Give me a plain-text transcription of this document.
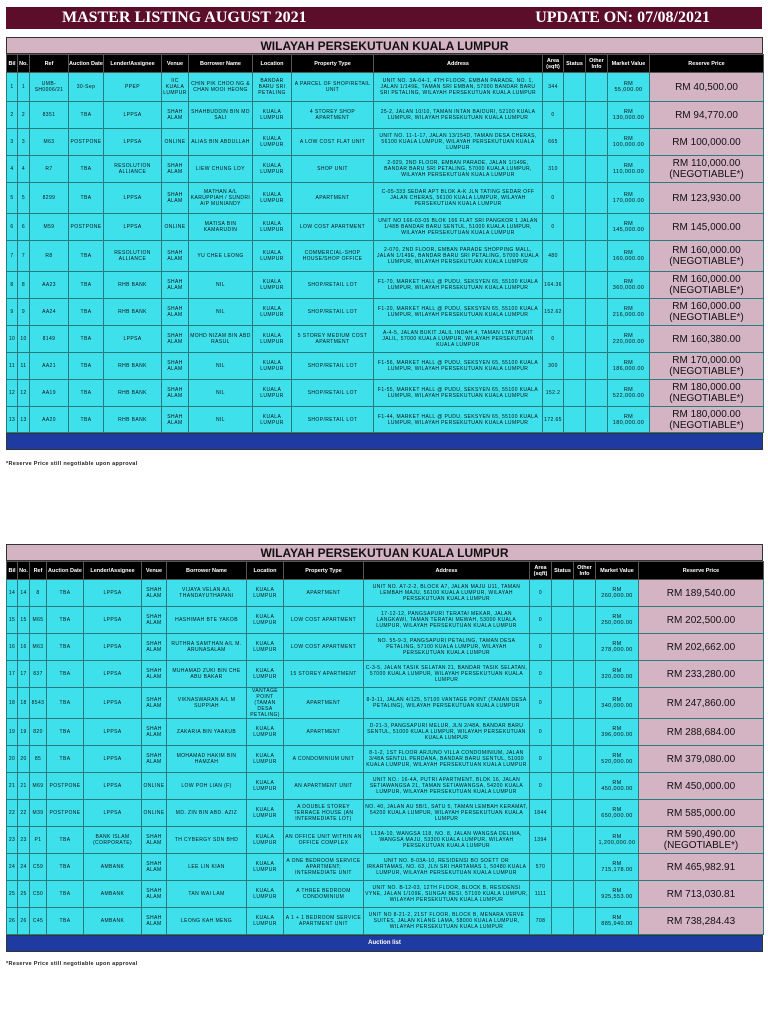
MASTER LISTING AUGUST 2021	UPDATE ON: 07/08/2021
WILAYAH PERSEKUTUAN KUALA LUMPUR
Bil	No.	Ref	Auction Date	Lender/Assignee	Venue	Borrower Name	Location	Property Type	Address	Area (sqft)	Status	Other Info	Market Value	Reserve Price
1	1	UMB-SH0006/21	30-Sep	PPEP	IIC KUALA LUMPUR	CHIN PIK CHOO NG & CHAN MOOI HEONG	BANDAR BARU SRI PETALING	A PARCEL OF SHOP/RETAIL UNIT	UNIT NO. 3A-04-1, 4TH FLOOR, EMBAN PARADE, NO. 1, JALAN 1/149E, TAMAN SRI EMBAN, 57000 BANDAR BARU SRI PETALING, WILAYAH PERSEKUTUAN KUALA LUMPUR	344			RM 55,000.00	RM 40,500.00
2	2	8351	TBA	LPPSA	SHAH ALAM	SHAHBUDDIN BIN MD SALI	KUALA LUMPUR	4 STOREY SHOP APARTMENT	25-2, JALAN 10/10, TAMAN INTAN BAIDURI, 52100 KUALA LUMPUR, WILAYAH PERSEKUTUAN KUALA LUMPUR	0			RM 130,000.00	RM 94,770.00
3	3	M63	POSTPONE	LPPSA	ONLINE	ALIAS BIN ABDULLAH	KUALA LUMPUR	A LOW COST FLAT UNIT	UNIT NO. 11-1-17, JALAN 13/154D, TAMAN DESA CHERAS, 56100 KUALA LUMPUR, WILAYAH PERSEKUTUAN KUALA LUMPUR	665			RM 100,000.00	RM 100,000.00
4	4	R7	TBA	RESOLUTION ALLIANCE	SHAH ALAM	LIEW CHUNG LOY	KUALA LUMPUR	SHOP UNIT	2-029, 2ND FLOOR, EMBAN PARADE, JALAN 1/149E, BANDAR BARU SRI PETALING, 57000 KUALA LUMPUR, WILAYAH PERSEKUTUAN KUALA LUMPUR	310			RM 110,000.00	RM 110,000.00 (NEGOTIABLE*)
5	5	8299	TBA	LPPSA	SHAH ALAM	MATHAN A/L KARUPPIAH / SUNDRI A/P MUNIANDY	KUALA LUMPUR	APARTMENT	C-05-333 SEDAR APT BLOK A-K JLN TATING SEDAR OFF JALAN CHERAS, 56100 KUALA LUMPUR, WILAYAH PERSEKUTUAN KUALA LUMPUR	0			RM 170,000.00	RM 123,930.00
6	6	M59	POSTPONE	LPPSA	ONLINE	MATISA BIN KAMARUDIN	KUALA LUMPUR	LOW COST APARTMENT	UNIT NO 166-03-05 BLOK 166 FLAT SRI PANGKOR 1 JALAN 1/48B BANDAR BARU SENTUL, 51000 KUALA LUMPUR, WILAYAH PERSEKUTUAN KUALA LUMPUR	0			RM 145,000.00	RM 145,000.00
7	7	R8	TBA	RESOLUTION ALLIANCE	SHAH ALAM	YU CHEE LEONG	KUALA LUMPUR	COMMERCIAL-SHOP HOUSE/SHOP OFFICE	2-070, 2ND FLOOR, EMBAN PARADE SHOPPING MALL, JALAN 1/149E, BANDAR BARU SRI PETALING, 57000 KUALA LUMPUR, WILAYAH PERSEKUTUAN KUALA LUMPUR	480			RM 160,000.00	RM 160,000.00 (NEGOTIABLE*)
8	8	AA23	TBA	RHB BANK	SHAH ALAM	NIL	KUALA LUMPUR	SHOP/RETAIL LOT	F1-70, MARKET HALL @ PUDU, SEKSYEN 65, 55100 KUALA LUMPUR, WILAYAH PERSEKUTUAN KUALA LUMPUR	164.36			RM 360,000.00	RM 160,000.00 (NEGOTIABLE*)
9	9	AA24	TBA	RHB BANK	SHAH ALAM	NIL	KUALA LUMPUR	SHOP/RETAIL LOT	F1-20, MARKET HALL @ PUDU, SEKSYEN 65, 55100 KUALA LUMPUR, WILAYAH PERSEKUTUAN KUALA LUMPUR	152.62			RM 216,000.00	RM 160,000.00 (NEGOTIABLE*)
10	10	8149	TBA	LPPSA	SHAH ALAM	MOHD NIZAM BIN ABD RASUL	KUALA LUMPUR	5 STOREY MEDIUM COST APARTMENT	A-4-5, JALAN BUKIT JALIL INDAH 4, TAMAN LTAT BUKIT JALIL, 57000 KUALA LUMPUR, WILAYAH PERSEKUTUAN KUALA LUMPUR	0			RM 220,000.00	RM 160,380.00
11	11	AA21	TBA	RHB BANK	SHAH ALAM	NIL	KUALA LUMPUR	SHOP/RETAIL LOT	F1-56, MARKET HALL @ PUDU, SEKSYEN 65, 55100 KUALA LUMPUR, WILAYAH PERSEKUTUAN KUALA LUMPUR	300			RM 186,000.00	RM 170,000.00 (NEGOTIABLE*)
12	12	AA19	TBA	RHB BANK	SHAH ALAM	NIL	KUALA LUMPUR	SHOP/RETAIL LOT	F1-55, MARKET HALL @ PUDU, SEKSYEN 65, 55100 KUALA LUMPUR, WILAYAH PERSEKUTUAN KUALA LUMPUR	152.2			RM 522,000.00	RM 180,000.00 (NEGOTIABLE*)
13	13	AA20	TBA	RHB BANK	SHAH ALAM	NIL	KUALA LUMPUR	SHOP/RETAIL LOT	F1-44, MARKET HALL @ PUDU, SEKSYEN 65, 55100 KUALA LUMPUR, WILAYAH PERSEKUTUAN KUALA LUMPUR	172.65			RM 180,000.00	RM 180,000.00 (NEGOTIABLE*)
*Reserve Price still negotiable upon approval
WILAYAH PERSEKUTUAN KUALA LUMPUR
Bil	No.	Ref	Auction Date	Lender/Assignee	Venue	Borrower Name	Location	Property Type	Address	Area (sqft)	Status	Other Info	Market Value	Reserve Price
14	14	8	TBA	LPPSA	SHAH ALAM	VIJAYA VELAN A/L THANDAYUTHAPANI	KUALA LUMPUR	APARTMENT	UNIT NO. A7-2-2, BLOCK A7, JALAN MAJU U11, TAMAN LEMBAH MAJU, 56100 KUALA LUMPUR, WILAYAH PERSEKUTUAN KUALA LUMPUR	0			RM 260,000.00	RM 189,540.00
15	15	M65	TBA	LPPSA	SHAH ALAM	HASHIMAH BTE YAKOB	KUALA LUMPUR	LOW COST APARTMENT	17-12-12, PANGSAPURI TERATAI MEKAR, JALAN LANGKAWI, TAMAN TERATAI MEWAH, 53000 KUALA LUMPUR, WILAYAH PERSEKUTUAN KUALA LUMPUR	0			RM 250,000.00	RM 202,500.00
16	16	M63	TBA	LPPSA	SHAH ALAM	RUTHRA SAMTHAN A/L M. ARUNASALAM	KUALA LUMPUR	LOW COST APARTMENT	NO. 55-9-3, PANGSAPURI PETALING, TAMAN DESA PETALING, 57100 KUALA LUMPUR, WILAYAH PERSEKUTUAN KUALA LUMPUR	0			RM 278,000.00	RM 202,662.00
17	17	837	TBA	LPPSA	SHAH ALAM	MUHAMAD ZUKI BIN CHE ABU BAKAR	KUALA LUMPUR	15 STOREY APARTMENT	C-3-5, JALAN TASIK SELATAN 21, BANDAR TASIK SELATAN, 57000 KUALA LUMPUR, WILAYAH PERSEKUTUAN KUALA LUMPUR	0			RM 320,000.00	RM 233,280.00
18	18	8543	TBA	LPPSA	SHAH ALAM	VIKNASWARAN A/L M SUPPIAH	VANTAGE POINT (TAMAN DESA PETALING)	APARTMENT	8-3-11, JALAN 4/125, 57100 VANTAGE POINT (TAMAN DESA PETALING), WILAYAH PERSEKUTUAN KUALA LUMPUR	0			RM 340,000.00	RM 247,860.00
19	19	820	TBA	LPPSA	SHAH ALAM	ZAKARIA BIN YAAKUB	KUALA LUMPUR	APARTMENT	D-21-3, PANGSAPURI MELUR, JLN 2/48A, BANDAR BARU SENTUL, 51000 KUALA LUMPUR, WILAYAH PERSEKUTUAN KUALA LUMPUR	0			RM 396,000.00	RM 288,684.00
20	20	85	TBA	LPPSA	SHAH ALAM	MOHAMAD HAKIM BIN HAMZAH	KUALA LUMPUR	A CONDOMINIUM UNIT	8-1-2, 1ST FLOOR ARJUNO VILLA CONDOMINIUM, JALAN 3/48A SENTUL PERDANA, BANDAR BARU SENTUL, 51000 KUALA LUMPUR, WILAYAH PERSEKUTUAN KUALA LUMPUR	0			RM 520,000.00	RM 379,080.00
21	21	M69	POSTPONE	LPPSA	ONLINE	LOW POH LIAN (F)	KUALA LUMPUR	AN APARTMENT UNIT	UNIT NO.: 16-4A, PUTRI APARTMENT, BLOK 16, JALAN SETIAWANGSA 21, TAMAN SETIAWANGSA, 54200 KUALA LUMPUR, WILAYAH PERSEKUTUAN KUALA LUMPUR	0			RM 450,000.00	RM 450,000.00
22	22	M39	POSTPONE	LPPSA	ONLINE	MD. ZIN BIN ABD. AZIZ	KUALA LUMPUR	A DOUBLE STOREY TERRACE HOUSE (AN INTERMEDIATE LOT)	NO. 40, JALAN AU 5B/1, SATU 5, TAMAN LEMBAH KERAMAT, 54200 KUALA LUMPUR, WILAYAH PERSEKUTUAN KUALA LUMPUR	1844			RM 650,000.00	RM 585,000.00
23	23	P1	TBA	BANK ISLAM (CORPORATE)	SHAH ALAM	TH CYBERGY SDN BHD	KUALA LUMPUR	AN OFFICE UNIT WITHIN AN OFFICE COMPLEX	L13A-10, WANGSA 118, NO. 8, JALAN WANGSA DELIMA, WANGSA MAJU, 53300 KUALA LUMPUR, WILAYAH PERSEKUTUAN KUALA LUMPUR	1394			RM 1,200,000.00	RM 590,490.00 (NEGOTIABLE*)
24	24	C59	TBA	AMBANK	SHAH ALAM	LEE LIN KIAN	KUALA LUMPUR	A ONE BEDROOM SERVICE APARTMENT; INTERMEDIATE UNIT	UNIT NO. 8-03A-10, RESIDENSI BO SOETT OR IRKARTAMAS, NO. 63, JLN SRI HARTAMAS 1, 50480 KUALA LUMPUR, WILAYAH PERSEKUTUAN KUALA LUMPUR	570			RM 715,178.00	RM 465,982.91
25	25	C50	TBA	AMBANK	SHAH ALAM	TAN WAI LAM	KUALA LUMPUR	A THREE BEDROOM CONDOMINIUM	UNIT NO. B-12-03, 12TH FLOOR, BLOCK B, RESIDENSI VYNE, JALAN 1/109E, SUNGAI BESI, 57100 KUALA LUMPUR, WILAYAH PERSEKUTUAN KUALA LUMPUR	1111			RM 925,553.00	RM 713,030.81
26	26	C45	TBA	AMBANK	SHAH ALAM	LEONG KAH MENG	KUALA LUMPUR	A 1 + 1 BEDROOM SERVICE APARTMENT UNIT	UNIT NO 8-21-2, 21ST FLOOR, BLOCK B, MENARA VERVE SUITES, JALAN KLANG LAMA, 58000 KUALA LUMPUR, WILAYAH PERSEKUTUAN KUALA LUMPUR	708			RM 885,940.00	RM 738,284.43
Auction list
*Reserve Price still negotiable upon approval
